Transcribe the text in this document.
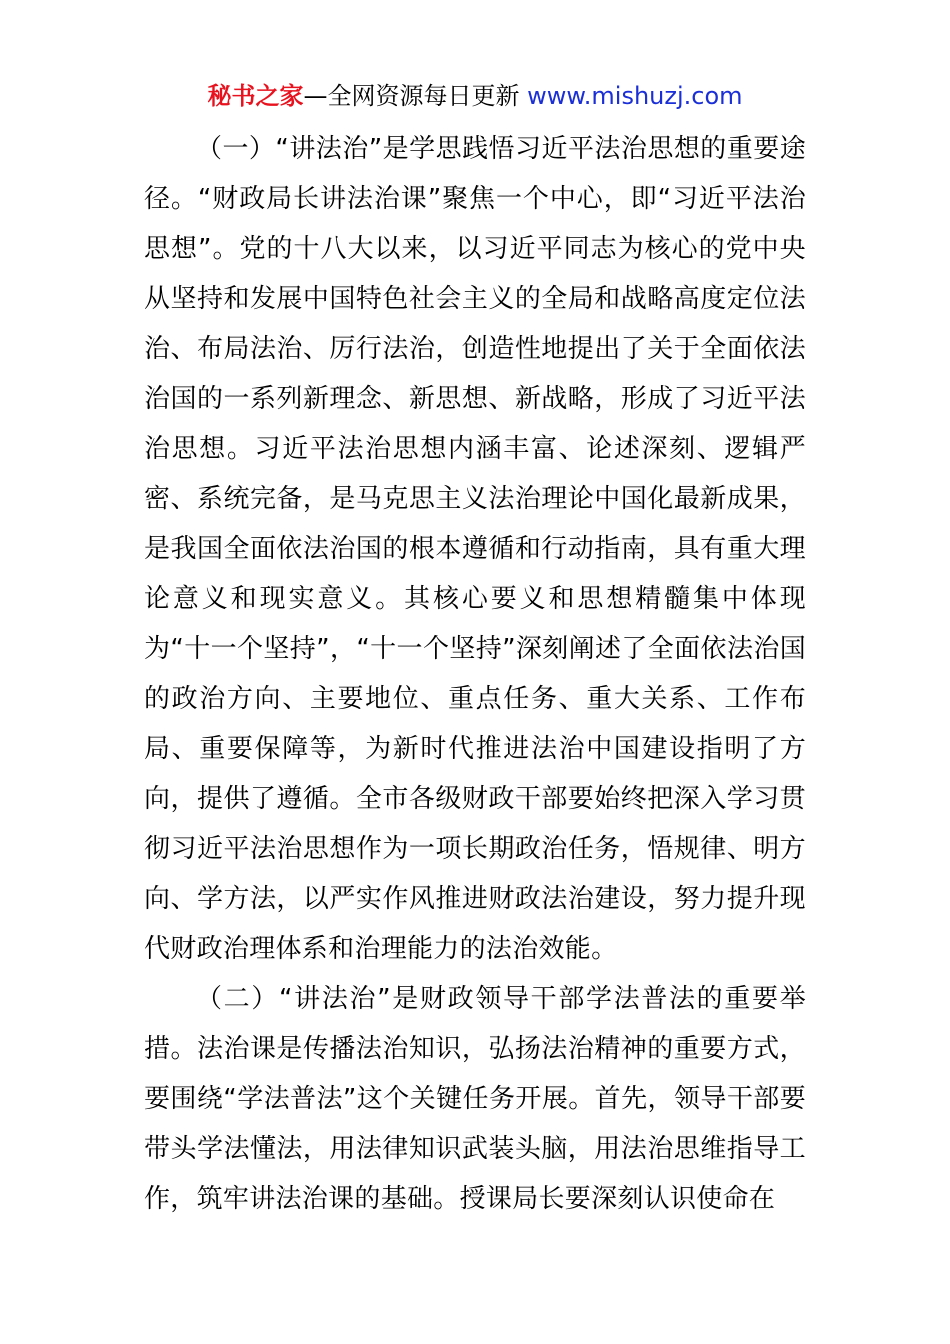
秘书之家—全网资源每日更新 www.mishuzj.com

（一）“讲法治”是学思践悟习近平法治思想的重要途径。“财政局长讲法治课”聚焦一个中心，即“习近平法治思想”。党的十八大以来，以习近平同志为核心的党中央从坚持和发展中国特色社会主义的全局和战略高度定位法治、布局法治、厉行法治，创造性地提出了关于全面依法治国的一系列新理念、新思想、新战略，形成了习近平法治思想。习近平法治思想内涵丰富、论述深刻、逻辑严密、系统完备，是马克思主义法治理论中国化最新成果，是我国全面依法治国的根本遵循和行动指南，具有重大理论意义和现实意义。其核心要义和思想精髓集中体现为“十一个坚持”，“十一个坚持”深刻阐述了全面依法治国的政治方向、主要地位、重点任务、重大关系、工作布局、重要保障等，为新时代推进法治中国建设指明了方向，提供了遵循。全市各级财政干部要始终把深入学习贯彻习近平法治思想作为一项长期政治任务，悟规律、明方向、学方法，以严实作风推进财政法治建设，努力提升现代财政治理体系和治理能力的法治效能。

（二）“讲法治”是财政领导干部学法普法的重要举措。法治课是传播法治知识，弘扬法治精神的重要方式，要围绕“学法普法”这个关键任务开展。首先，领导干部要带头学法懂法，用法律知识武装头脑，用法治思维指导工作，筑牢讲法治课的基础。授课局长要深刻认识使命在
